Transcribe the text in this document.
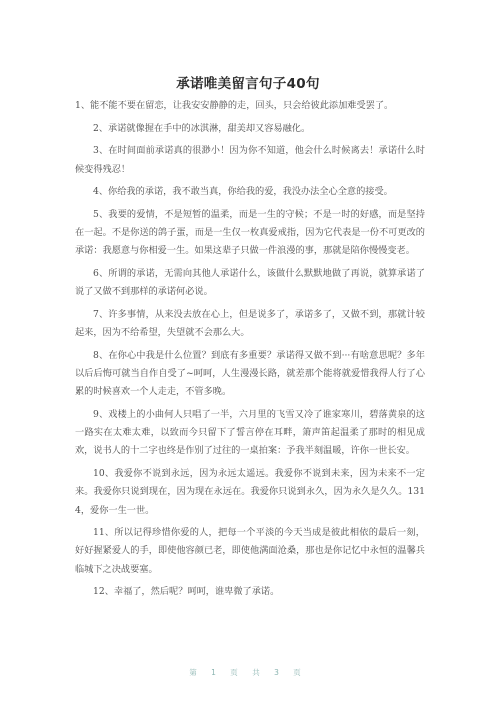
承诺唯美留言句子40句

1、能不能不要在留恋，让我安安静静的走，回头，只会给彼此添加难受罢了。

2、承诺就像握在手中的冰淇淋，甜美却又容易融化。

3、在时间面前承诺真的很渺小！因为你不知道，他会什么时候离去！承诺什么时候变得残忍！

4、你给我的承诺，我不敢当真，你给我的爱，我没办法全心全意的接受。

5、我要的爱情，不是短暂的温柔，而是一生的守候；不是一时的好感，而是坚持在一起。不是你送的鸽子蛋，而是一生仅一枚真爱戒指，因为它代表是一份不可更改的承诺：我愿意与你相爱一生。如果这辈子只做一件浪漫的事，那就是陪你慢慢变老。

6、所谓的承诺，无需向其他人承诺什么，该做什么默默地做了再说，就算承诺了说了又做不到那样的承诺何必说。

7、许多事情，从来没去放在心上，但是说多了，承诺多了，又做不到，那就计较起来，因为不给希望，失望就不会那么大。

8、在你心中我是什么位置？到底有多重要？承诺得又做不到···有啥意思呢？多年以后后悔可就当自作自受了~呵呵，人生漫漫长路，就差那个能将就爱惜我得人行了心累的时候喜欢一个人走走，不管多晚。

9、戏楼上的小曲何人只唱了一半，六月里的飞雪又冷了谁家寒川，碧落黄泉的这一路实在太难太难，以致而今只留下了誓言停在耳畔，箫声笛起温柔了那时的相见成欢，说书人的十二字也终是作别了过往的一桌拍案：予我半刻温暖，许你一世长安。

10、我爱你不说到永远，因为永远太遥远。我爱你不说到未来，因为未来不一定来。我爱你只说到现在，因为现在永远在。我爱你只说到永久，因为永久是久久。1314，爱你一生一世。

11、所以记得珍惜你爱的人，把每一个平淡的今天当成是彼此相依的最后一刻，好好握紧爱人的手，即使他容颜已老，即使他满面沧桑，那也是你记忆中永恒的温馨兵临城下之决战要塞。

12、幸福了，然后呢？呵呵，谁卑微了承诺。

第 1 页 共 3 页
